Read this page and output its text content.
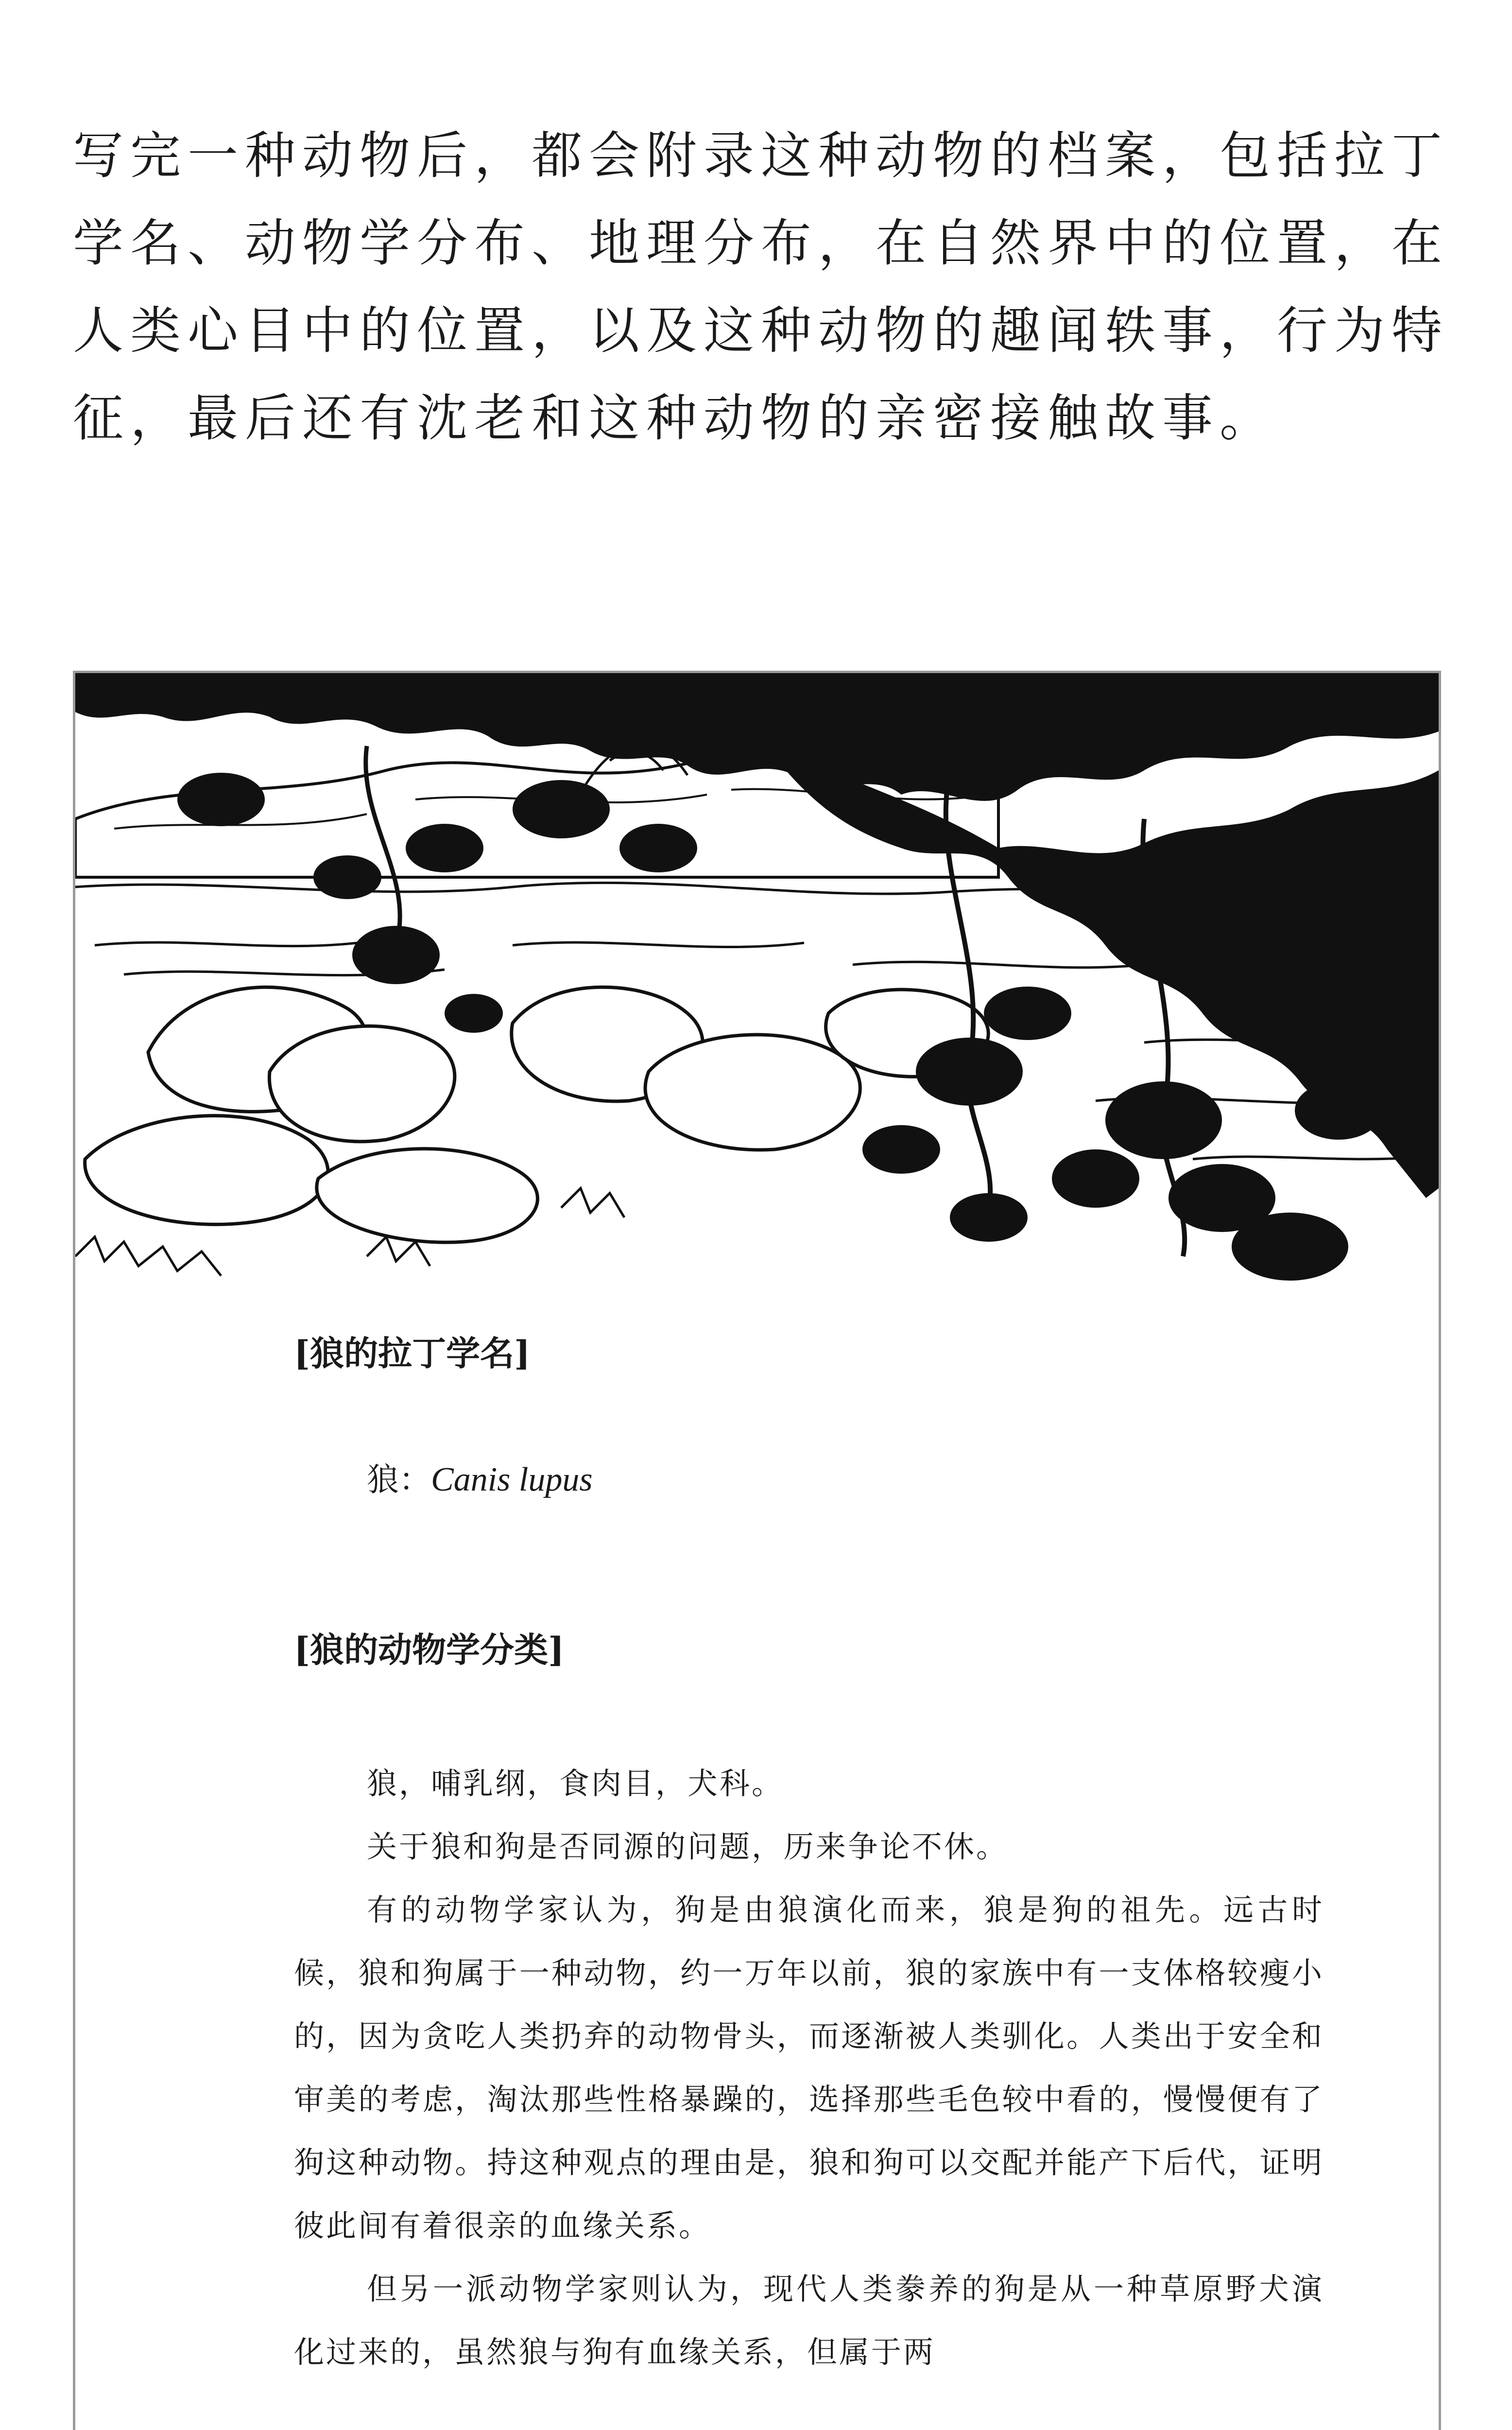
写完一种动物后，都会附录这种动物的档案，包括拉丁学名、动物学分布、地理分布，在自然界中的位置，在人类心目中的位置，以及这种动物的趣闻轶事，行为特征，最后还有沈老和这种动物的亲密接触故事。

[狼的拉丁学名]

狼：Canis lupus

[狼的动物学分类]

狼，哺乳纲，食肉目，犬科。

关于狼和狗是否同源的问题，历来争论不休。

有的动物学家认为，狗是由狼演化而来，狼是狗的祖先。远古时候，狼和狗属于一种动物，约一万年以前，狼的家族中有一支体格较瘦小的，因为贪吃人类扔弃的动物骨头，而逐渐被人类驯化。人类出于安全和审美的考虑，淘汰那些性格暴躁的，选择那些毛色较中看的，慢慢便有了狗这种动物。持这种观点的理由是，狼和狗可以交配并能产下后代，证明彼此间有着很亲的血缘关系。

但另一派动物学家则认为，现代人类豢养的狗是从一种草原野犬演化过来的，虽然狼与狗有血缘关系，但属于两
